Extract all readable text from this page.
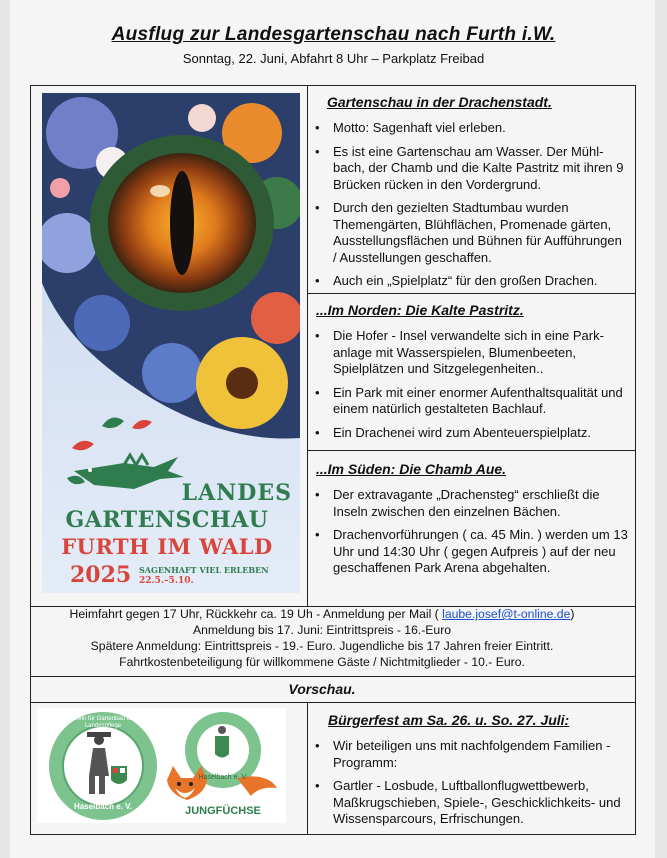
Ausflug zur Landesgartenschau nach Furth i.W.
Sonntag, 22. Juni, Abfahrt 8 Uhr – Parkplatz Freibad
LANDES
GARTENSCHAU
FURTH IM WALD
2025 SAGENHAFT VIEL ERLEBEN
22.5.–5.10.
Gartenschau in der Drachenstadt.
• Motto: Sagenhaft viel erleben.
• Es ist eine Gartenschau am Wasser. Der Mühl-bach, der Chamb und die Kalte Pastritz mit ihren 9 Brücken rücken in den Vordergrund.
• Durch den gezielten Stadtumbau wurden Themengärten, Blühflächen, Promenade gärten, Ausstellungsflächen und Bühnen für Aufführungen / Ausstellungen geschaffen.
• Auch ein „Spielplatz“ für den großen Drachen.
...Im Norden: Die Kalte Pastritz.
• Die Hofer - Insel verwandelte sich in eine Park-anlage mit Wasserspielen, Blumenbeeten, Spielplätzen und Sitzgelegenheiten..
• Ein Park mit einer enormer Aufenthaltsqualität und einem natürlich gestalteten Bachlauf.
• Ein Drachenei wird zum Abenteuerspielplatz.
...Im Süden: Die Chamb Aue.
• Der extravagante „Drachensteg“ erschließt die Inseln zwischen den einzelnen Bächen.
• Drachenvorführungen ( ca. 45 Min. ) werden um 13 Uhr und 14:30 Uhr ( gegen Aufpreis ) auf der neu geschaffenen Park Arena abgehalten.
Heimfahrt gegen 17 Uhr, Rückkehr ca. 19 Uh - Anmeldung per Mail ( laube.josef@t-online.de)
Anmeldung bis 17. Juni: Eintrittspreis - 16.-Euro
Spätere Anmeldung: Eintrittspreis - 19.- Euro. Jugendliche bis 17 Jahren freier Eintritt.
Fahrtkostenbeteiligung für willkommene Gäste / Nichtmitglieder - 10.- Euro.
Vorschau.
Verein für Gartenbau und Landespflege
Haselbach e. V.
Haselbach e. V.
JUNGFÜCHSE
Bürgerfest am Sa. 26. u. So. 27. Juli:
• Wir beteiligen uns mit nachfolgendem Familien - Programm:
• Gartler - Losbude, Luftballonflugwettbewerb, Maßkrugschieben, Spiele-, Geschicklichkeits- und Wissensparcours, Erfrischungen.
